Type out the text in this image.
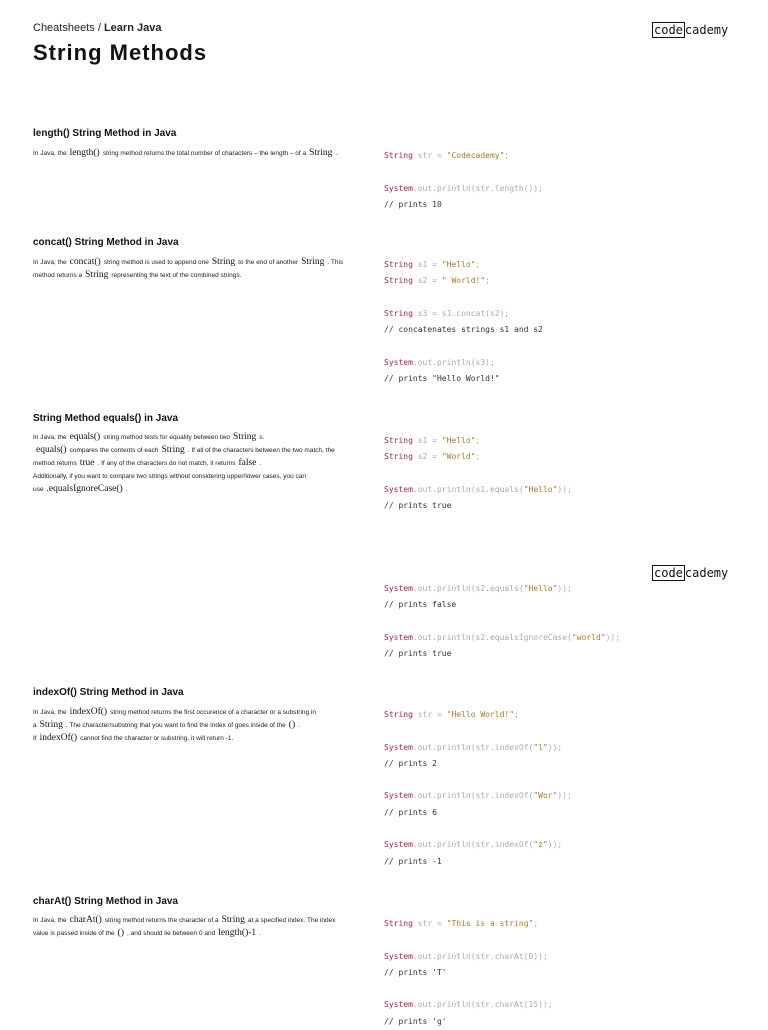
Cheatsheets / Learn Java
String Methods
code cademy
code cademy
length() String Method in Java
In Java, the length() string method returns the total number of characters – the length – of a String .	String str = "Codecademy";

System.out.println(str.length());
// prints 10
concat() String Method in Java
In Java, the concat() string method is used to append one String to the end of another String . This method returns a String representing the text of the combined strings.
String s1 = "Hello";
String s2 = " World!";

String s3 = s1.concat(s2);
// concatenates strings s1 and s2

System.out.println(s3);
// prints "Hello World!"
String Method equals() in Java
In Java, the equals() string method tests for equality between two String s.
equals() compares the contents of each String . If all of the characters between the two match, the method returns true . If any of the characters do not match, it returns false .
Additionally, if you want to compare two strings without considering upper/lower cases, you can use .equalsIgnoreCase() .
String s1 = "Hello";
String s2 = "World";

System.out.println(s1.equals("Hello"));
// prints true
System.out.println(s2.equals("Hello"));
// prints false

System.out.println(s2.equalsIgnoreCase("world"));
// prints true
indexOf() String Method in Java
In Java, the indexOf() string method returns the first occurence of a character or a substring in a String . The character/substring that you want to find the index of goes inside of the () .
If indexOf() cannot find the character or substring, it will return -1.
String str = "Hello World!";

System.out.println(str.indexOf("l"));
// prints 2

System.out.println(str.indexOf("Wor"));
// prints 6

System.out.println(str.indexOf("z"));
// prints -1
charAt() String Method in Java
In Java, the charAt() string method returns the character of a String at a specified index. The index value is passed inside of the () , and should lie between 0 and length()-1 .
String str = "This is a string";

System.out.println(str.charAt(0));
// prints 'T'

System.out.println(str.charAt(15));
// prints 'g'
